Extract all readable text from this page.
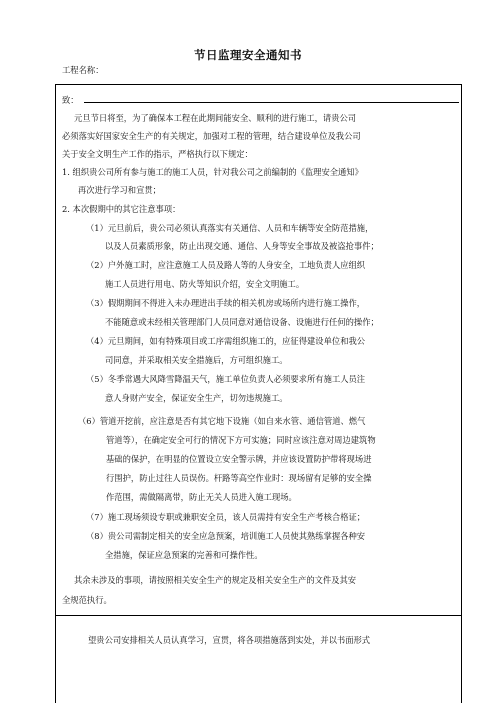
节日监理安全通知书
工程名称：
致：
元旦节日将至，为了确保本工程在此期间能安全、顺利的进行施工，请贵公司
必须落实好国家安全生产的有关规定，加强对工程的管理，结合建设单位及我公司
关于安全文明生产工作的指示，严格执行以下规定：
1. 组织贵公司所有参与施工的施工人员，针对我公司之前编制的《监理安全通知》
再次进行学习和宣贯；
2. 本次假期中的其它注意事项：
（1）元旦前后，贵公司必须认真落实有关通信、人员和车辆等安全防范措施，
以及人员素质形象，防止出现交通、通信、人身等安全事故及被盗抢事件；
（2）户外施工时，应注意施工人员及路人等的人身安全，工地负责人应组织
施工人员进行用电、防火等知识介绍，安全文明施工。
（3）假期期间不得进入未办理进出手续的相关机房或场所内进行施工操作，
不能随意或未经相关管理部门人员同意对通信设备、设施进行任何的操作；
（4）元旦期间，如有特殊项目或工序需组织施工的，应征得建设单位和我公
司同意，并采取相关安全措施后，方可组织施工。
（5）冬季常遇大风降雪降温天气，施工单位负责人必须要求所有施工人员注
意人身财产安全，保证安全生产，切勿违规施工。
（6）管道开挖前，应注意是否有其它地下设施（如自来水管、通信管道、燃气
管道等），在确定安全可行的情况下方可实施；同时应该注意对周边建筑物
基础的保护，在明显的位置设立安全警示牌，并应该设置防护带将现场进
行围护，防止过往人员误伤。杆路等高空作业时：现场留有足够的安全操
作范围，需做隔离带，防止无关人员进入施工现场。
（7）施工现场须设专职或兼职安全员，该人员需持有安全生产考核合格证；
（8）贵公司需制定相关的安全应急预案，培训施工人员使其熟练掌握各种安
全措施，保证应急预案的完善和可操作性。
其余未涉及的事项，请按照相关安全生产的规定及相关安全生产的文件及其安
全规范执行。
望贵公司安排相关人员认真学习，宣贯，将各项措施落到实处，并以书面形式
